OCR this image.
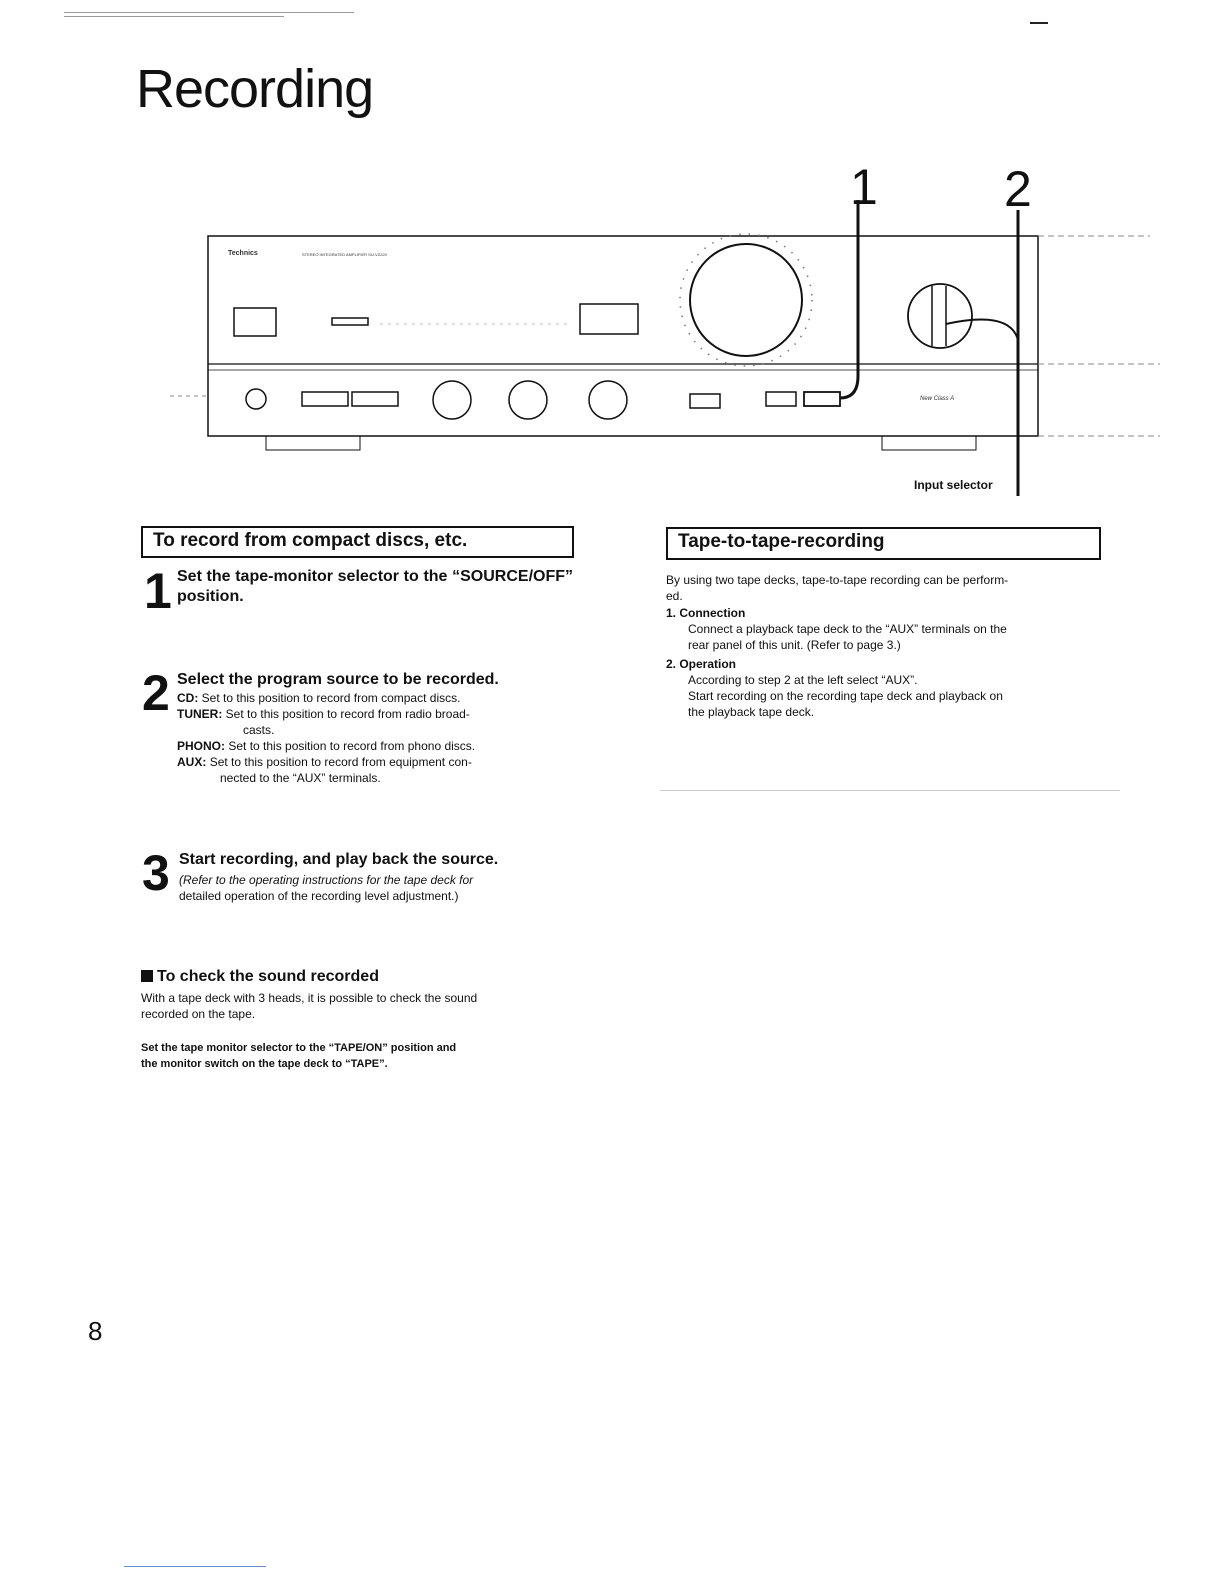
Recording
1	2
Technics	STEREO INTEGRATED AMPLIFIER SU-VZ220
New Class A
Input selector
To record from compact discs, etc.
1 Set the tape-monitor selector to the “SOURCE/OFF” position.
2 Select the program source to be recorded.
CD: Set to this position to record from compact discs.
TUNER: Set to this position to record from radio broad-
casts.
PHONO: Set to this position to record from phono discs.
AUX: Set to this position to record from equipment con-
nected to the “AUX” terminals.
3 Start recording, and play back the source.
(Refer to the operating instructions for the tape deck for
detailed operation of the recording level adjustment.)
To check the sound recorded
With a tape deck with 3 heads, it is possible to check the sound
recorded on the tape.
Set the tape monitor selector to the “TAPE/ON” position and
the monitor switch on the tape deck to “TAPE”.
Tape-to-tape-recording
By using two tape decks, tape-to-tape recording can be perform-
ed.
1. Connection
Connect a playback tape deck to the “AUX” terminals on the
rear panel of this unit. (Refer to page 3.)
2. Operation
According to step 2 at the left select “AUX”.
Start recording on the recording tape deck and playback on
the playback tape deck.
8
